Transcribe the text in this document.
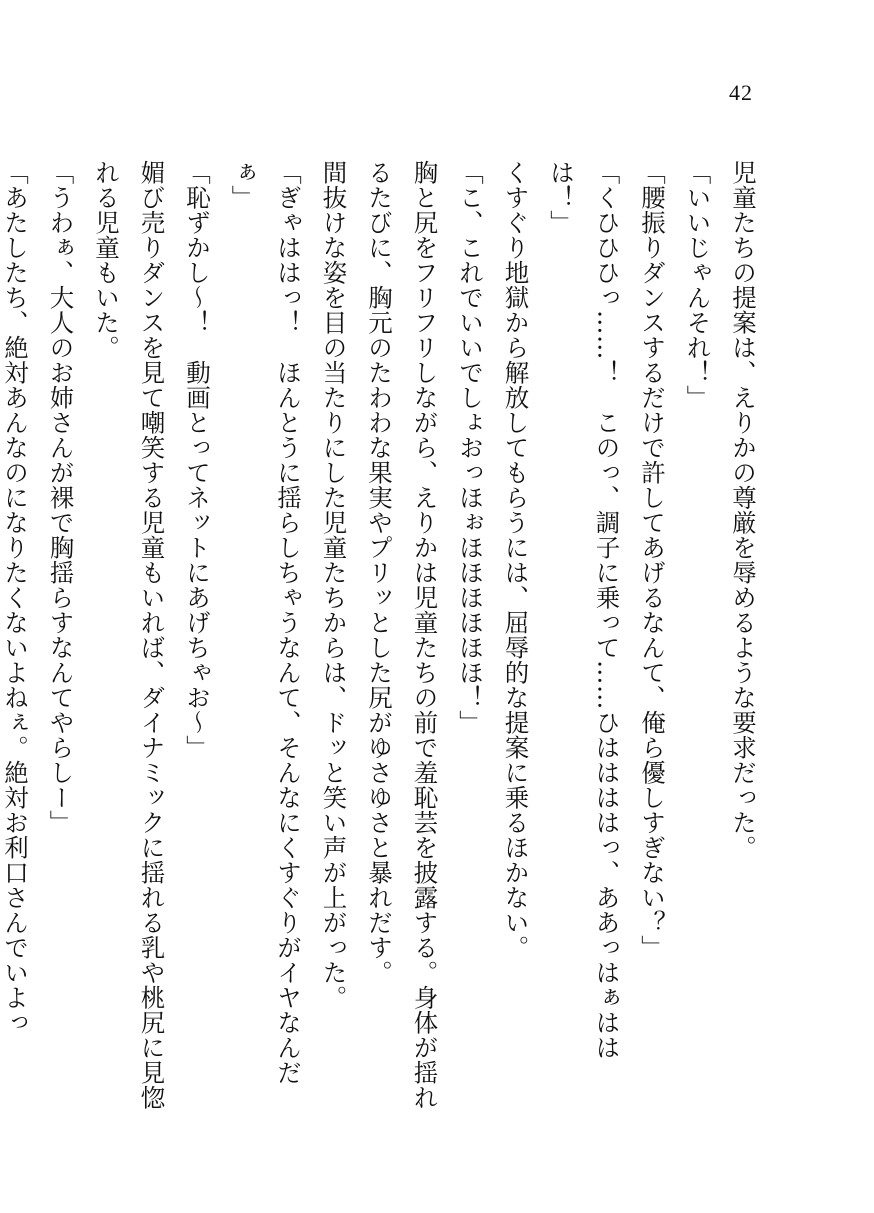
42
児童たちの提案は、えりかの尊厳を辱めるような要求だった。
「いいじゃんそれ！」
「腰振りダンスするだけで許してあげるなんて、俺ら優しすぎない？」
「くひひひっ……！　このっ、調子に乗って……ひははははっ、ああっはぁははは！」
くすぐり地獄から解放してもらうには、屈辱的な提案に乗るほかない。
「こ、これでいいでしょおっほぉほほほほほほ！」
胸と尻をフリフリしながら、えりかは児童たちの前で羞恥芸を披露する。身体が揺れるたびに、胸元のたわわな果実やプリッとした尻がゆさゆさと暴れだす。
間抜けな姿を目の当たりにした児童たちからは、ドッと笑い声が上がった。
「ぎゃははっ！　ほんとうに揺らしちゃうなんて、そんなにくすぐりがイヤなんだぁ」
「恥ずかし～！　動画とってネットにあげちゃお～」
媚び売りダンスを見て嘲笑する児童もいれば、ダイナミックに揺れる乳や桃尻に見惚れる児童もいた。
「うわぁ、大人のお姉さんが裸で胸揺らすなんてやらしー」
「あたしたち、絶対あんなのになりたくないよねぇ。絶対お利口さんでいよっ
